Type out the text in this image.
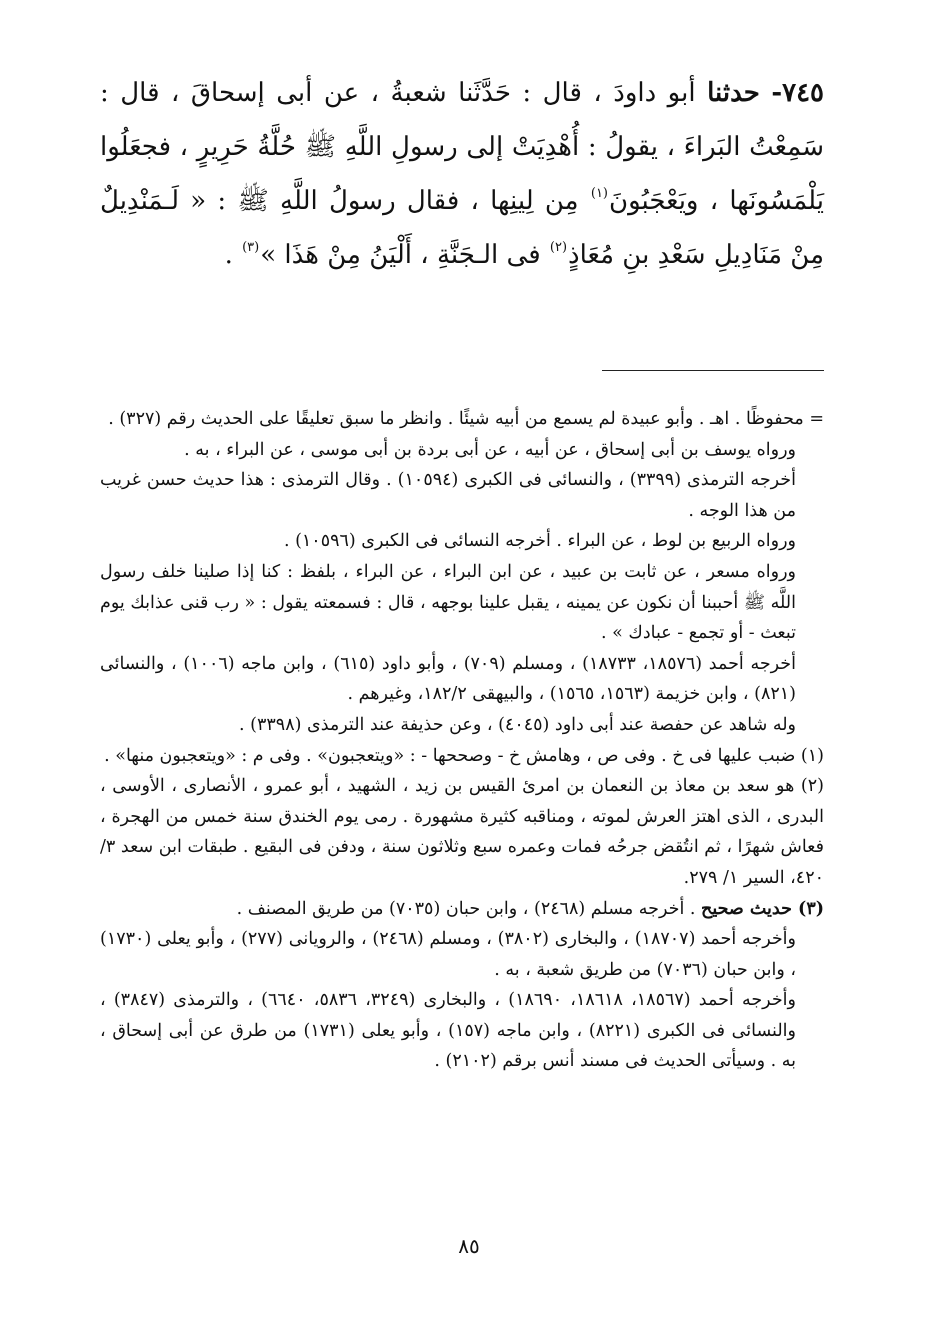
٧٤٥- حدثنا أبو داودَ ، قال : حَدَّثَنا شعبةُ ، عن أبى إسحاقَ ، قال : سَمِعْتُ البَراءَ ، يقولُ : أُهْدِيَتْ إلى رسولِ اللَّهِ ﷺ حُلَّةُ حَرِيرٍ ، فجعَلُوا يَلْمَسُونَها ، ويَعْجَبُونَ$^{(١)}$ مِن لِينِها ، فقال رسولُ اللَّهِ ﷺ : « لَـمَنْدِيلٌ مِنْ مَنَادِيلِ سَعْدِ بنِ مُعَاذٍ$^{(٢)}$ فى الـجَنَّةِ ، أَلْيَنُ مِنْ هَذَا »$^{(٣)}$ .

= محفوظًا . اهـ . وأبو عبيدة لم يسمع من أبيه شيئًا . وانظر ما سبق تعليقًا على الحديث رقم (٣٢٧) .

ورواه يوسف بن أبى إسحاق ، عن أبيه ، عن أبى بردة بن أبى موسى ، عن البراء ، به .

أخرجه الترمذى (٣٣٩٩) ، والنسائى فى الكبرى (١٠٥٩٤) . وقال الترمذى : هذا حديث حسن غريب من هذا الوجه .

ورواه الربيع بن لوط ، عن البراء . أخرجه النسائى فى الكبرى (١٠٥٩٦) .

ورواه مسعر ، عن ثابت بن عبيد ، عن ابن البراء ، عن البراء ، بلفظ : كنا إذا صلينا خلف رسول اللَّه ﷺ أحببنا أن نكون عن يمينه ، يقبل علينا بوجهه ، قال : فسمعته يقول : « رب قنى عذابك يوم تبعث - أو تجمع - عبادك » .

أخرجه أحمد (١٨٥٧٦، ١٨٧٣٣) ، ومسلم (٧٠٩) ، وأبو داود (٦١٥) ، وابن ماجه (١٠٠٦) ، والنسائى (٨٢١) ، وابن خزيمة (١٥٦٣، ١٥٦٥) ، والبيهقى ١٨٢/٢، وغيرهم .

وله شاهد عن حفصة عند أبى داود (٤٠٤٥) ، وعن حذيفة عند الترمذى (٣٣٩٨) .

(١) ضبب عليها فى خ . وفى ص ، وهامش خ - وصححها - : «ويتعجبون» . وفى م : «ويتعجبون منها» .

(٢) هو سعد بن معاذ بن النعمان بن امرئ القيس بن زيد ، الشهيد ، أبو عمرو ، الأنصارى ، الأوسى ، البدرى ، الذى اهتز العرش لموته ، ومناقبه كثيرة مشهورة . رمى يوم الخندق سنة خمس من الهجرة ، فعاش شهرًا ، ثم انتُقض جرحُه فمات وعمره سبع وثلاثون سنة ، ودفن فى البقيع . طبقات ابن سعد ٣/ ٤٢٠، السير ١/ ٢٧٩.

(٣) حديث صحيح . أخرجه مسلم (٢٤٦٨) ، وابن حبان (٧٠٣٥) من طريق المصنف .

وأخرجه أحمد (١٨٧٠٧) ، والبخارى (٣٨٠٢) ، ومسلم (٢٤٦٨) ، والرويانى (٢٧٧) ، وأبو يعلى (١٧٣٠) ، وابن حبان (٧٠٣٦) من طريق شعبة ، به .

وأخرجه أحمد (١٨٥٦٧، ١٨٦١٨، ١٨٦٩٠) ، والبخارى (٣٢٤٩، ٥٨٣٦، ٦٦٤٠) ، والترمذى (٣٨٤٧) ، والنسائى فى الكبرى (٨٢٢١) ، وابن ماجه (١٥٧) ، وأبو يعلى (١٧٣١) من طرق عن أبى إسحاق ، به . وسيأتى الحديث فى مسند أنس برقم (٢١٠٢) .

٨٥
